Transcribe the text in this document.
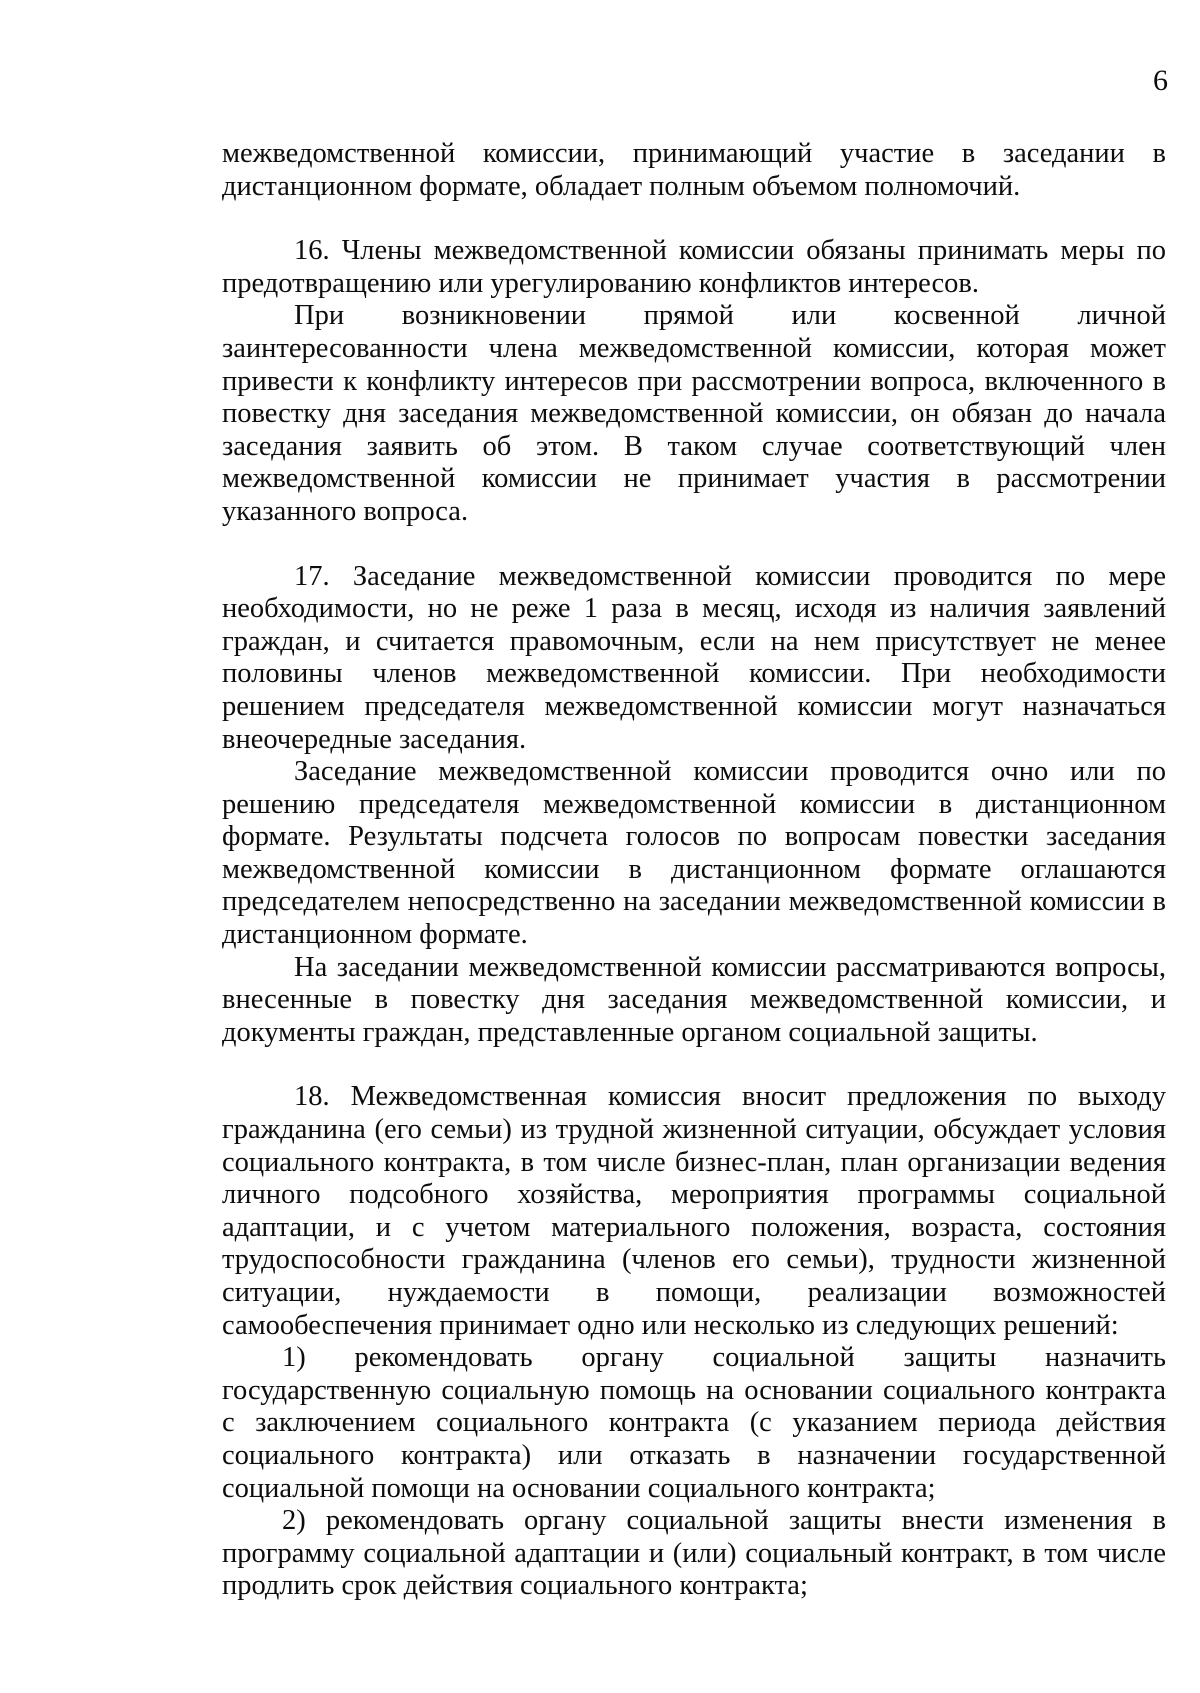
6

межведомственной комиссии, принимающий участие в заседании в дистанционном формате, обладает полным объемом полномочий.

16. Члены межведомственной комиссии обязаны принимать меры по предотвращению или урегулированию конфликтов интересов.

При возникновении прямой или косвенной личной заинтересованности члена межведомственной комиссии, которая может привести к конфликту интересов при рассмотрении вопроса, включенного в повестку дня заседания межведомственной комиссии, он обязан до начала заседания заявить об этом. В таком случае соответствующий член межведомственной комиссии не принимает участия в рассмотрении указанного вопроса.

17. Заседание межведомственной комиссии проводится по мере необходимости, но не реже 1 раза в месяц, исходя из наличия заявлений граждан, и считается правомочным, если на нем присутствует не менее половины членов межведомственной комиссии. При необходимости решением председателя межведомственной комиссии могут назначаться внеочередные заседания.

Заседание межведомственной комиссии проводится очно или по решению председателя межведомственной комиссии в дистанционном формате. Результаты подсчета голосов по вопросам повестки заседания межведомственной комиссии в дистанционном формате оглашаются председателем непосредственно на заседании межведомственной комиссии в дистанционном формате.

На заседании межведомственной комиссии рассматриваются вопросы, внесенные в повестку дня заседания межведомственной комиссии, и документы граждан, представленные органом социальной защиты.

18. Межведомственная комиссия вносит предложения по выходу гражданина (его семьи) из трудной жизненной ситуации, обсуждает условия социального контракта, в том числе бизнес-план, план организации ведения личного подсобного хозяйства, мероприятия программы социальной адаптации, и с учетом материального положения, возраста, состояния трудоспособности гражданина (членов его семьи), трудности жизненной ситуации, нуждаемости в помощи, реализации возможностей самообеспечения принимает одно или несколько из следующих решений:

1) рекомендовать органу социальной защиты назначить государственную социальную помощь на основании социального контракта с заключением социального контракта (с указанием периода действия социального контракта) или отказать в назначении государственной социальной помощи на основании социального контракта;

2) рекомендовать органу социальной защиты внести изменения в программу социальной адаптации и (или) социальный контракт, в том числе продлить срок действия социального контракта;
